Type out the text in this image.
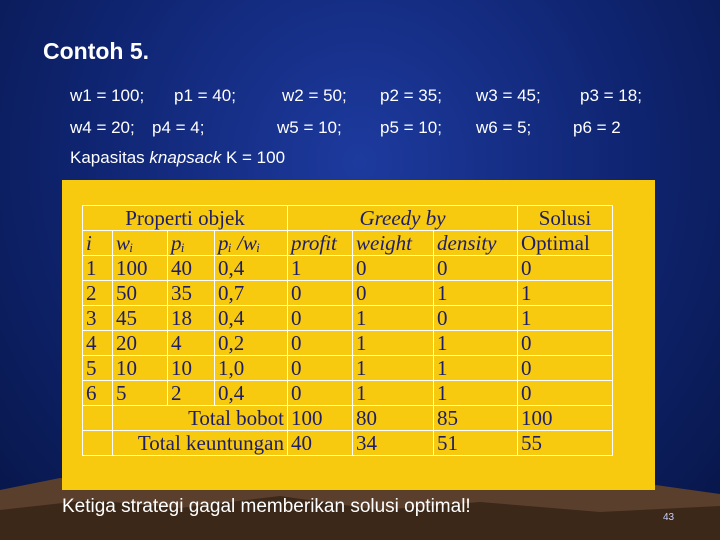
Contoh 5.
w1 = 100; p1 = 40;	w2 = 50; p2 = 35; w3 = 45; p3 = 18;
w4 = 20; p4 = 4;	w5 = 10; p5 = 10; w6 = 5; p6 = 2
Kapasitas knapsack K = 100
Properti objek				Greedy by			Solusi
i	wᵢ	pᵢ	pᵢ /wᵢ	profit	weight	density	Optimal
1	100	40	0,4	1	0	0	0
2	50	35	0,7	0	0	1	1
3	45	18	0,4	0	1	0	1
4	20	4	0,2	0	1	1	0
5	10	10	1,0	0	1	1	0
6	5	2	0,4	0	1	1	0
	Total bobot			100	80	85	100
	Total keuntungan			40	34	51	55
Ketiga strategi gagal memberikan solusi optimal!
43
